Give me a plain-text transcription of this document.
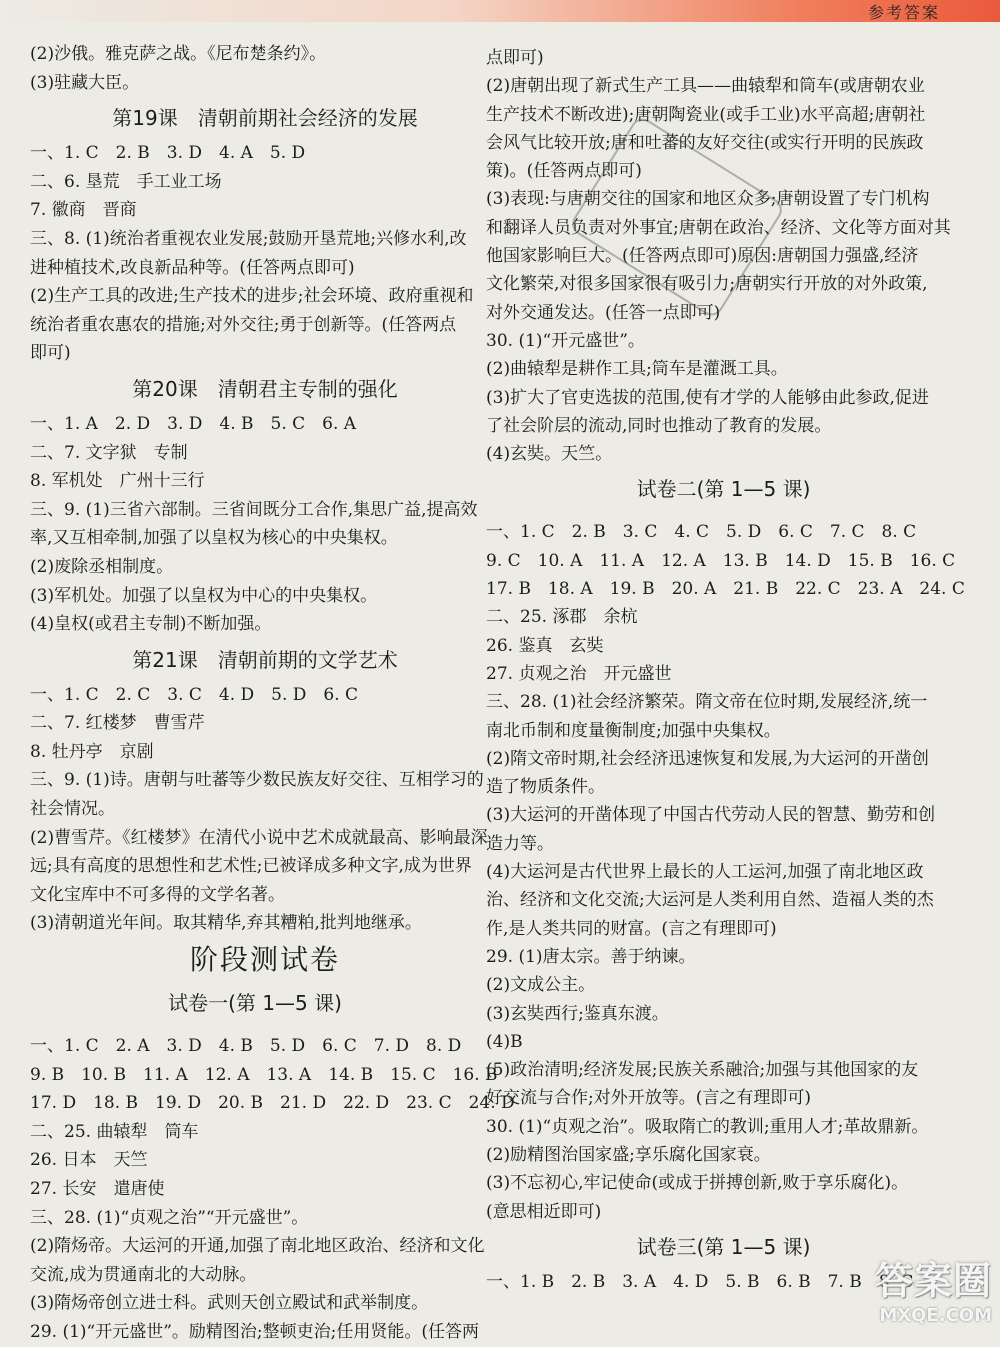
参考答案
(2)沙俄。雅克萨之战。《尼布楚条约》。
(3)驻藏大臣。
第19课　清朝前期社会经济的发展
一、1. C　2. B　3. D　4. A　5. D
二、6. 垦荒　手工业工场
7. 徽商　晋商
三、8. (1)统治者重视农业发展;鼓励开垦荒地;兴修水利,改
进种植技术,改良新品种等。(任答两点即可)
(2)生产工具的改进;生产技术的进步;社会环境、政府重视和
统治者重农惠农的措施;对外交往;勇于创新等。(任答两点
即可)
第20课　清朝君主专制的强化
一、1. A　2. D　3. D　4. B　5. C　6. A
二、7. 文字狱　专制
8. 军机处　广州十三行
三、9. (1)三省六部制。三省间既分工合作,集思广益,提高效
率,又互相牵制,加强了以皇权为核心的中央集权。
(2)废除丞相制度。
(3)军机处。加强了以皇权为中心的中央集权。
(4)皇权(或君主专制)不断加强。
第21课　清朝前期的文学艺术
一、1. C　2. C　3. C　4. D　5. D　6. C
二、7. 红楼梦　曹雪芹
8. 牡丹亭　京剧
三、9. (1)诗。唐朝与吐蕃等少数民族友好交往、互相学习的
社会情况。
(2)曹雪芹。《红楼梦》在清代小说中艺术成就最高、影响最深
远;具有高度的思想性和艺术性;已被译成多种文字,成为世界
文化宝库中不可多得的文学名著。
(3)清朝道光年间。取其精华,弃其糟粕,批判地继承。
阶段测试卷
试卷一(第 1—5 课)
一、1. C　2. A　3. D　4. B　5. D　6. C　7. D　8. D
9. B　10. B　11. A　12. A　13. A　14. B　15. C　16. B
17. D　18. B　19. D　20. B　21. D　22. D　23. C　24. D
二、25. 曲辕犁　筒车
26. 日本　天竺
27. 长安　遣唐使
三、28. (1)“贞观之治”“开元盛世”。
(2)隋炀帝。大运河的开通,加强了南北地区政治、经济和文化
交流,成为贯通南北的大动脉。
(3)隋炀帝创立进士科。武则天创立殿试和武举制度。
29. (1)“开元盛世”。励精图治;整顿吏治;任用贤能。(任答两
点即可)
(2)唐朝出现了新式生产工具——曲辕犁和筒车(或唐朝农业
生产技术不断改进);唐朝陶瓷业(或手工业)水平高超;唐朝社
会风气比较开放;唐和吐蕃的友好交往(或实行开明的民族政
策)。(任答两点即可)
(3)表现:与唐朝交往的国家和地区众多;唐朝设置了专门机构
和翻译人员负责对外事宜;唐朝在政治、经济、文化等方面对其
他国家影响巨大。(任答两点即可)原因:唐朝国力强盛,经济
文化繁荣,对很多国家很有吸引力;唐朝实行开放的对外政策,
对外交通发达。(任答一点即可)
30. (1)“开元盛世”。
(2)曲辕犁是耕作工具;筒车是灌溉工具。
(3)扩大了官吏选拔的范围,使有才学的人能够由此参政,促进
了社会阶层的流动,同时也推动了教育的发展。
(4)玄奘。天竺。
试卷二(第 1—5 课)
一、1. C　2. B　3. C　4. C　5. D　6. C　7. C　8. C
9. C　10. A　11. A　12. A　13. B　14. D　15. B　16. C
17. B　18. A　19. B　20. A　21. B　22. C　23. A　24. C
二、25. 涿郡　余杭
26. 鉴真　玄奘
27. 贞观之治　开元盛世
三、28. (1)社会经济繁荣。隋文帝在位时期,发展经济,统一
南北币制和度量衡制度;加强中央集权。
(2)隋文帝时期,社会经济迅速恢复和发展,为大运河的开凿创
造了物质条件。
(3)大运河的开凿体现了中国古代劳动人民的智慧、勤劳和创
造力等。
(4)大运河是古代世界上最长的人工运河,加强了南北地区政
治、经济和文化交流;大运河是人类利用自然、造福人类的杰
作,是人类共同的财富。(言之有理即可)
29. (1)唐太宗。善于纳谏。
(2)文成公主。
(3)玄奘西行;鉴真东渡。
(4)B
(5)政治清明;经济发展;民族关系融洽;加强与其他国家的友
好交流与合作;对外开放等。(言之有理即可)
30. (1)“贞观之治”。吸取隋亡的教训;重用人才;革故鼎新。
(2)励精图治国家盛;享乐腐化国家衰。
(3)不忘初心,牢记使命(或成于拼搏创新,败于享乐腐化)。
(意思相近即可)
试卷三(第 1—5 课)
一、1. B　2. B　3. A　4. D　5. B　6. B　7. B　8. C
答案圈
MXQE.COM
